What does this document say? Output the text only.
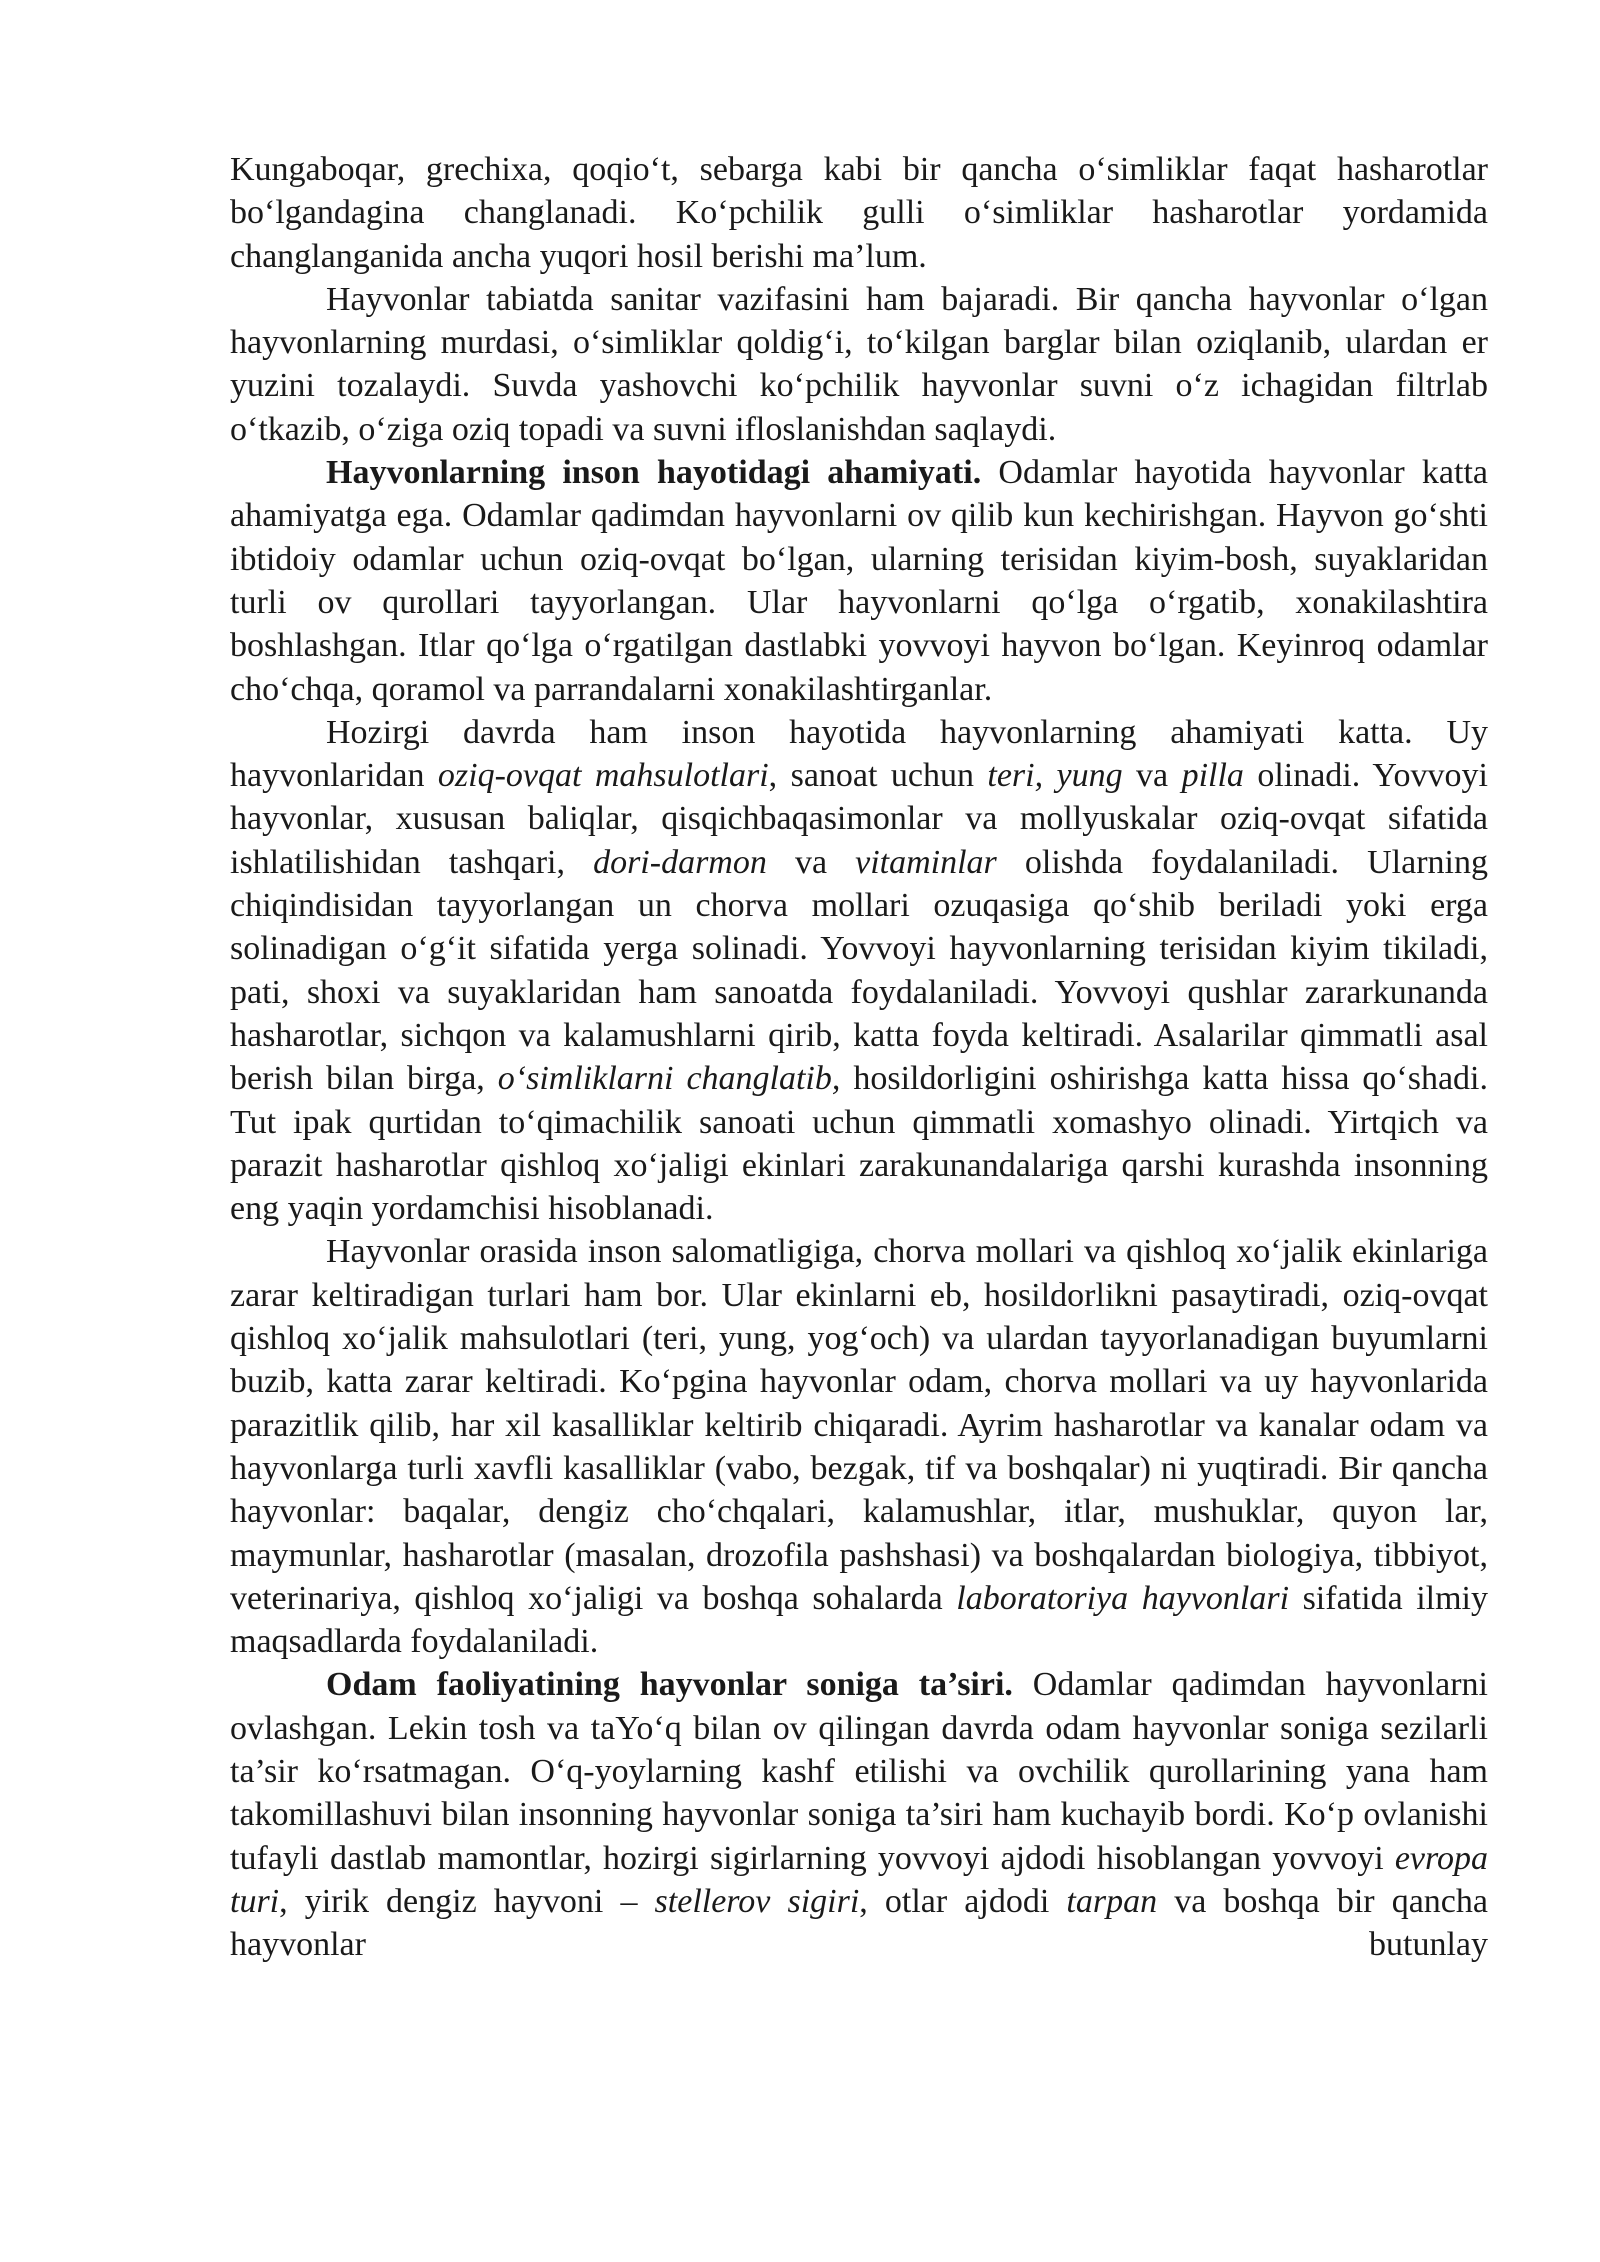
Kungaboqar, grechixa, qoqio‘t, sebarga kabi bir qancha o‘simliklar faqat hasharotlar bo‘lgandagina changlanadi. Ko‘pchilik gulli o‘simliklar hasharotlar yordamida changlanganida ancha yuqori hosil berishi ma’lum.

Hayvonlar tabiatda sanitar vazifasini ham bajaradi. Bir qancha hayvonlar o‘lgan hayvonlarning murdasi, o‘simliklar qoldig‘i, to‘kilgan barglar bilan oziqlanib, ulardan er yuzini tozalaydi. Suvda yashovchi ko‘pchilik hayvonlar suvni o‘z ichagidan filtrlab o‘tkazib, o‘ziga oziq topadi va suvni ifloslanishdan saqlaydi.

Hayvonlarning inson hayotidagi ahamiyati. Odamlar hayotida hayvonlar katta ahamiyatga ega. Odamlar qadimdan hayvonlarni ov qilib kun kechirishgan. Hayvon go‘shti ibtidoiy odamlar uchun oziq-ovqat bo‘lgan, ularning terisidan kiyim-bosh, suyaklaridan turli ov qurollari tayyorlangan. Ular hayvonlarni qo‘lga o‘rgatib, xonakilashtira boshlashgan. Itlar qo‘lga o‘rgatilgan dastlabki yovvoyi hayvon bo‘lgan. Keyinroq odamlar cho‘chqa, qoramol va parrandalarni xonakilashtirganlar.

Hozirgi davrda ham inson hayotida hayvonlarning ahamiyati katta. Uy hayvonlaridan oziq-ovqat mahsulotlari, sanoat uchun teri, yung va pilla olinadi. Yovvoyi hayvonlar, xususan baliqlar, qisqichbaqasimonlar va mollyuskalar oziq-ovqat sifatida ishlatilishidan tashqari, dori-darmon va vitaminlar olishda foydalaniladi. Ularning chiqindisidan tayyorlangan un chorva mollari ozuqasiga qo‘shib beriladi yoki erga solinadigan o‘g‘it sifatida yerga solinadi. Yovvoyi hayvonlarning terisidan kiyim tikiladi, pati, shoxi va suyaklaridan ham sanoatda foydalaniladi. Yovvoyi qushlar zararkunanda hasharotlar, sichqon va kalamushlarni qirib, katta foyda keltiradi. Asalarilar qimmatli asal berish bilan birga, o‘simliklarni changlatib, hosildorligini oshirishga katta hissa qo‘shadi. Tut ipak qurtidan to‘qimachilik sanoati uchun qimmatli xomashyo olinadi. Yirtqich va parazit hasharotlar qishloq xo‘jaligi ekinlari zarakunandalariga qarshi kurashda insonning eng yaqin yordamchisi hisoblanadi.

Hayvonlar orasida inson salomatligiga, chorva mollari va qishloq xo‘jalik ekinlariga zarar keltiradigan turlari ham bor. Ular ekinlarni eb, hosildorlikni pasaytiradi, oziq-ovqat qishloq xo‘jalik mahsulotlari (teri, yung, yog‘och) va ulardan tayyorlanadigan buyumlarni buzib, katta zarar keltiradi. Ko‘pgina hayvonlar odam, chorva mollari va uy hayvonlarida parazitlik qilib, har xil kasalliklar keltirib chiqaradi. Ayrim hasharotlar va kanalar odam va hayvonlarga turli xavfli kasalliklar (vabo, bezgak, tif va boshqalar) ni yuqtiradi. Bir qancha hayvonlar: baqalar, dengiz cho‘chqalari, kalamushlar, itlar, mushuklar, quyon lar, maymunlar, hasharotlar (masalan, drozofila pashshasi) va boshqalardan biologiya, tibbiyot, veterinariya, qishloq xo‘jaligi va boshqa sohalarda laboratoriya hayvonlari sifatida ilmiy maqsadlarda foydalaniladi.

Odam faoliyatining hayvonlar soniga ta’siri. Odamlar qadimdan hayvonlarni ovlashgan. Lekin tosh va taYo‘q bilan ov qilingan davrda odam hayvonlar soniga sezilarli ta’sir ko‘rsatmagan. O‘q-yoylarning kashf etilishi va ovchilik qurollarining yana ham takomillashuvi bilan insonning hayvonlar soniga ta’siri ham kuchayib bordi. Ko‘p ovlanishi tufayli dastlab mamontlar, hozirgi sigirlarning yovvoyi ajdodi hisoblangan yovvoyi evropa turi, yirik dengiz hayvoni – stellerov sigiri, otlar ajdodi tarpan va boshqa bir qancha hayvonlar butunlay
